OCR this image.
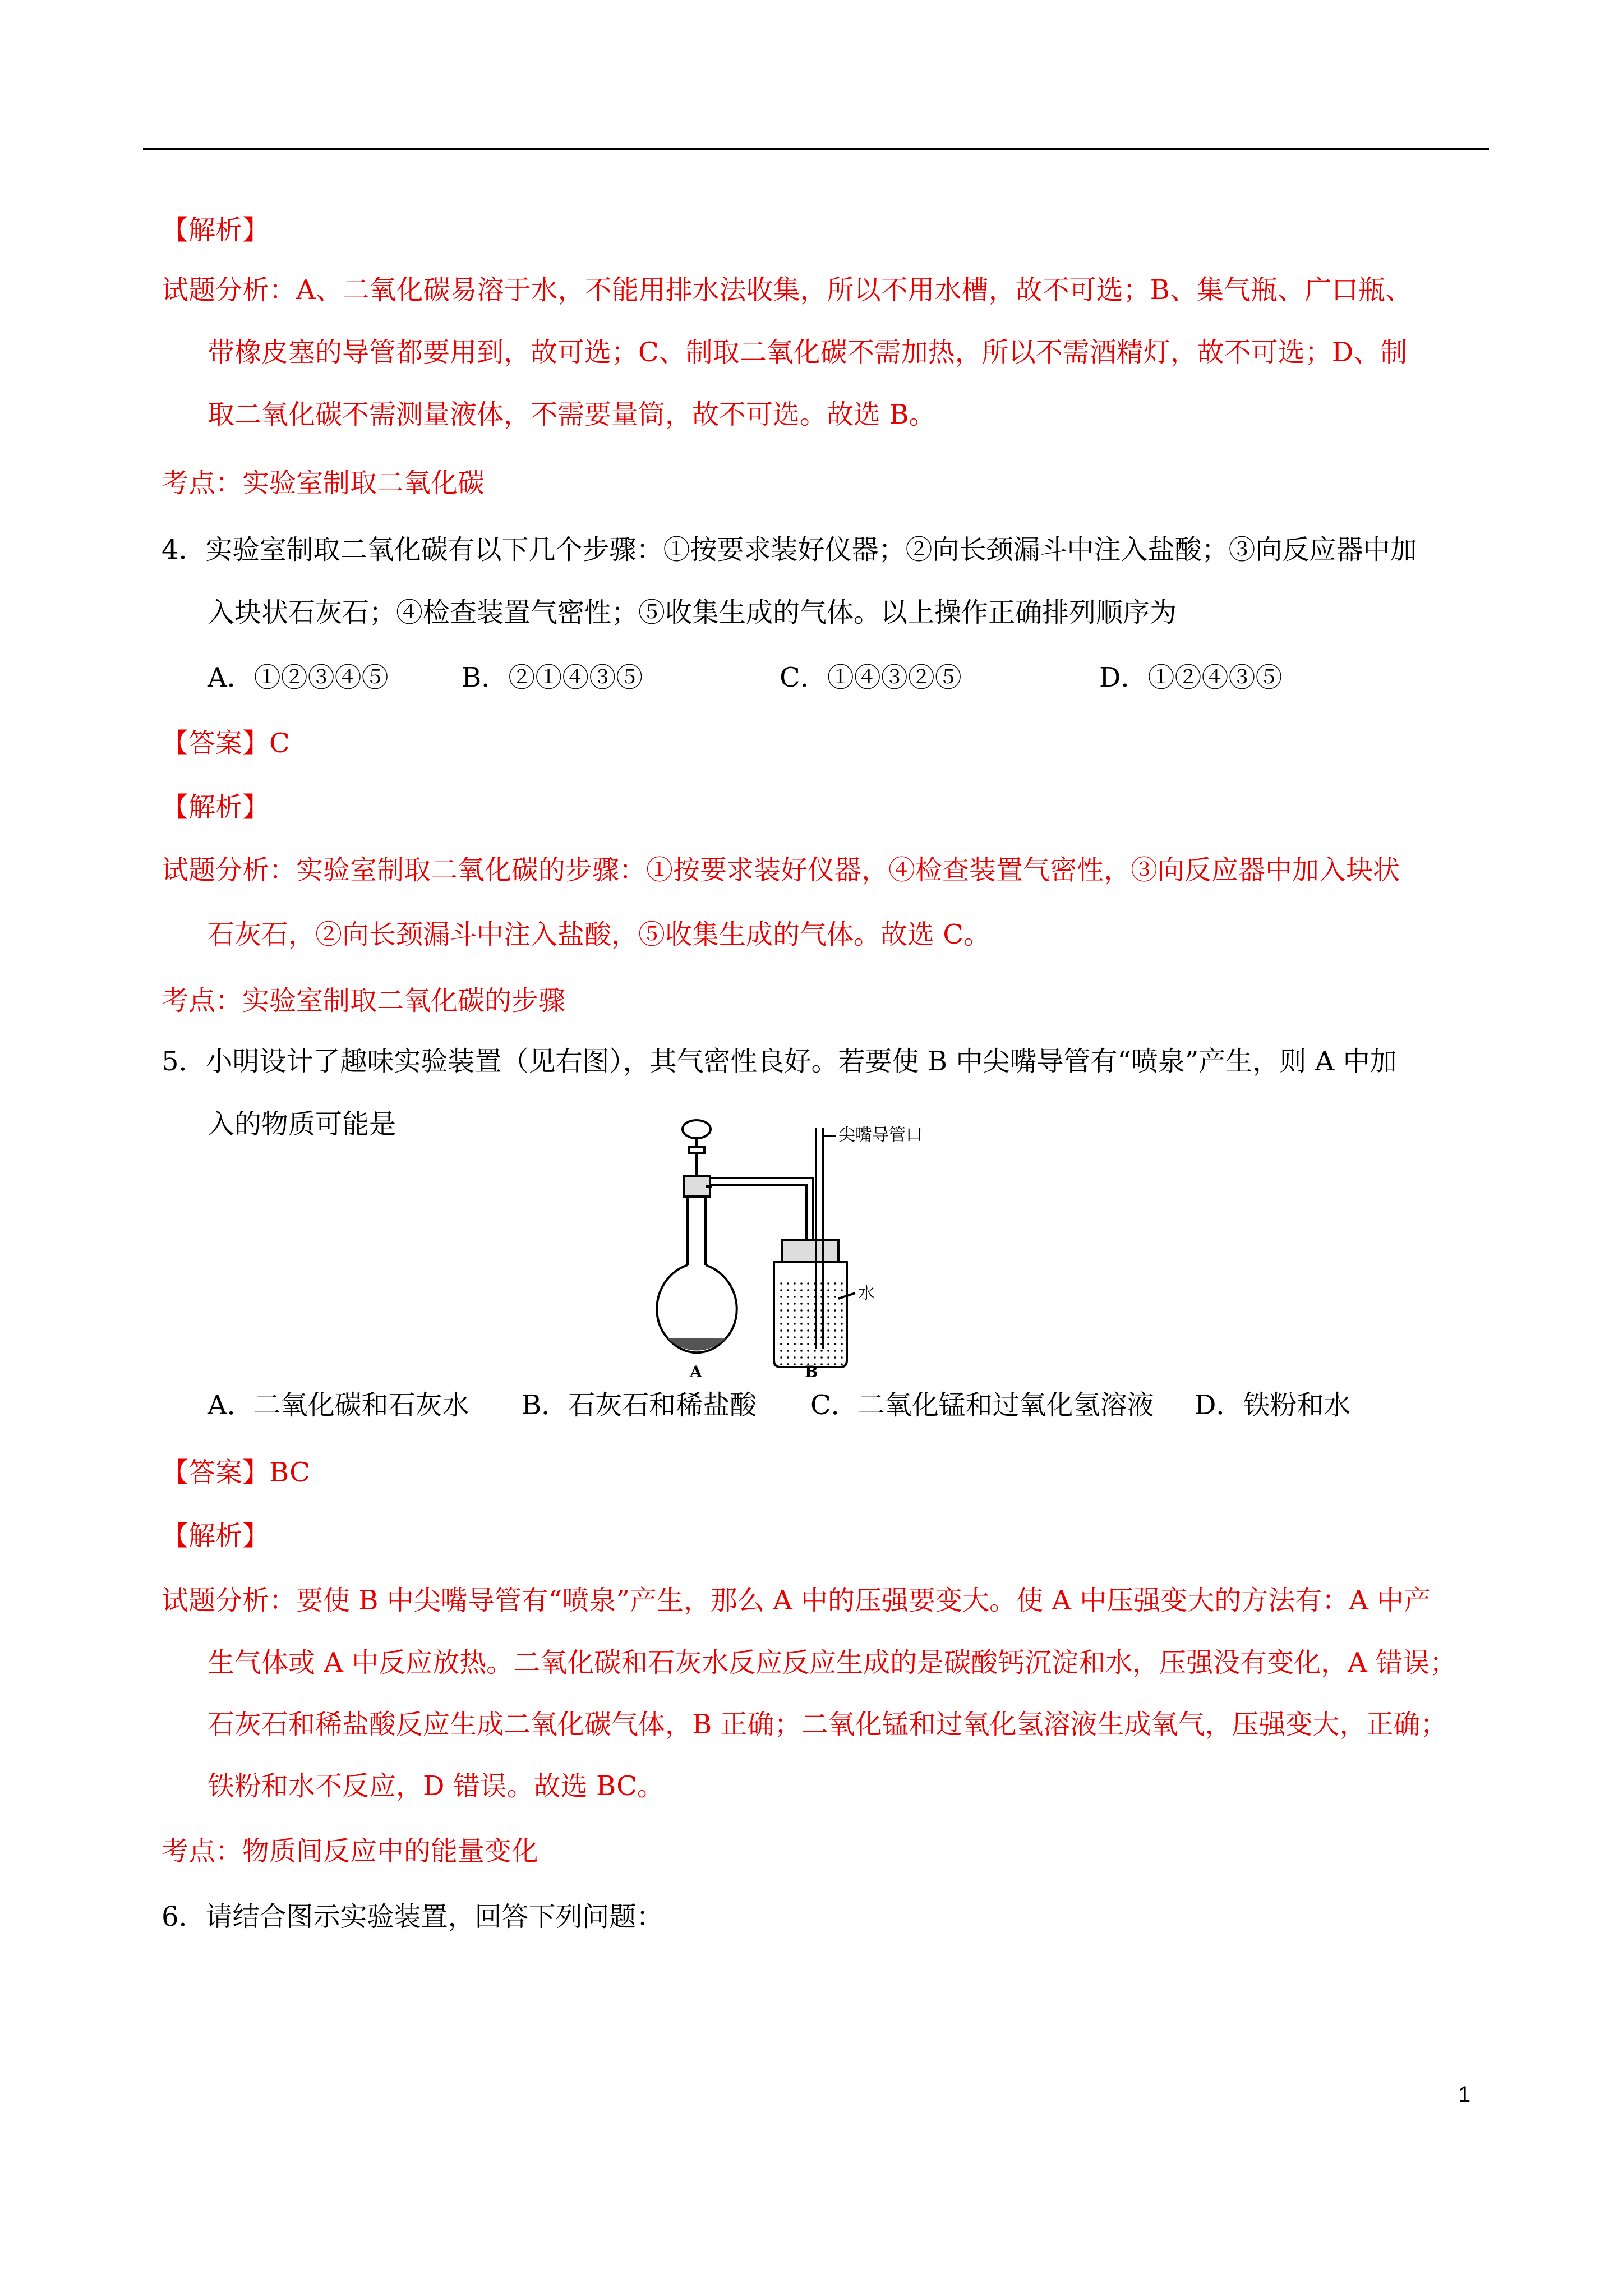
【解析】
试题分析：A、二氧化碳易溶于水，不能用排水法收集，所以不用水槽，故不可选；B、集气瓶、广口瓶、
带橡皮塞的导管都要用到，故可选；C、制取二氧化碳不需加热，所以不需酒精灯，故不可选；D、制
取二氧化碳不需测量液体，不需要量筒，故不可选。故选 B。
考点：实验室制取二氧化碳
4．实验室制取二氧化碳有以下几个步骤：①按要求装好仪器；②向长颈漏斗中注入盐酸；③向反应器中加
入块状石灰石；④检查装置气密性；⑤收集生成的气体。以上操作正确排列顺序为
A．①②③④⑤	B．②①④③⑤	C．①④③②⑤	D．①②④③⑤
【答案】C
【解析】
试题分析：实验室制取二氧化碳的步骤：①按要求装好仪器，④检查装置气密性，③向反应器中加入块状
石灰石，②向长颈漏斗中注入盐酸，⑤收集生成的气体。故选 C。
考点：实验室制取二氧化碳的步骤
5．小明设计了趣味实验装置（见右图），其气密性良好。若要使 B 中尖嘴导管有“喷泉”产生，则 A 中加
入的物质可能是	尖嘴导管口
水
A	B
A．二氧化碳和石灰水 B．石灰石和稀盐酸 C．二氧化锰和过氧化氢溶液 D．铁粉和水
【答案】BC
【解析】
试题分析：要使 B 中尖嘴导管有“喷泉”产生，那么 A 中的压强要变大。使 A 中压强变大的方法有：A 中产
生气体或 A 中反应放热。二氧化碳和石灰水反应反应生成的是碳酸钙沉淀和水，压强没有变化，A 错误；
石灰石和稀盐酸反应生成二氧化碳气体，B 正确；二氧化锰和过氧化氢溶液生成氧气，压强变大，正确；
铁粉和水不反应，D 错误。故选 BC。
考点：物质间反应中的能量变化
6．请结合图示实验装置，回答下列问题：
1
